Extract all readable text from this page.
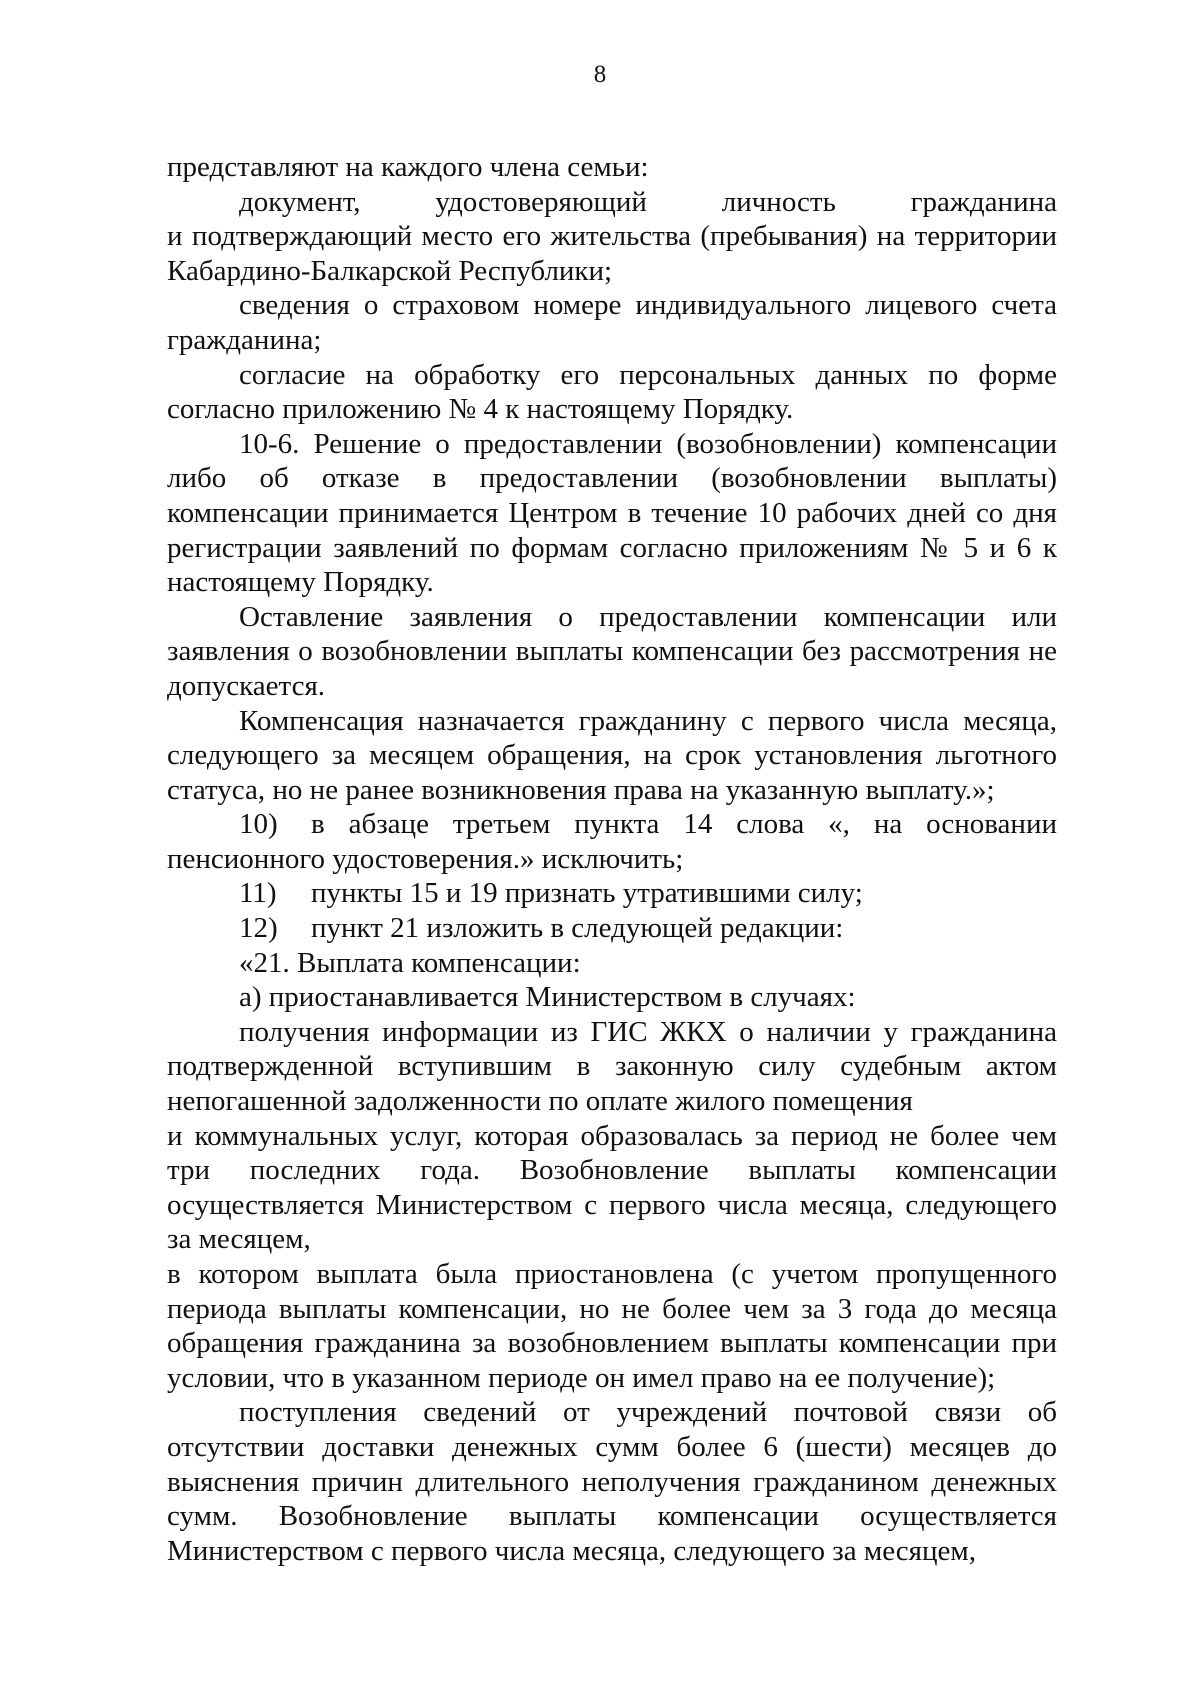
8

представляют на каждого члена семьи:

документ, удостоверяющий личность гражданина

и подтверждающий место его жительства (пребывания) на территории Кабардино-Балкарской Республики;

сведения о страховом номере индивидуального лицевого счета гражданина;

согласие на обработку его персональных данных по форме согласно приложению № 4 к настоящему Порядку.

10-6. Решение о предоставлении (возобновлении) компенсации либо об отказе в предоставлении (возобновлении выплаты) компенсации принимается Центром в течение 10 рабочих дней со дня регистрации заявлений по формам согласно приложениям № 5 и 6 к настоящему Порядку.

Оставление заявления о предоставлении компенсации или заявления о возобновлении выплаты компенсации без рассмотрения не допускается.

Компенсация назначается гражданину с первого числа месяца, следующего за месяцем обращения, на срок установления льготного статуса, но не ранее возникновения права на указанную выплату.»;

10) в абзаце третьем пункта 14 слова «, на основании пенсионного удостоверения.» исключить;

11) пункты 15 и 19 признать утратившими силу;

12) пункт 21 изложить в следующей редакции:

«21. Выплата компенсации:

а) приостанавливается Министерством в случаях:

получения информации из ГИС ЖКХ о наличии у гражданина подтвержденной вступившим в законную силу судебным актом непогашенной задолженности по оплате жилого помещения

и коммунальных услуг, которая образовалась за период не более чем три последних года. Возобновление выплаты компенсации осуществляется Министерством с первого числа месяца, следующего за месяцем,

в котором выплата была приостановлена (с учетом пропущенного периода выплаты компенсации, но не более чем за 3 года до месяца обращения гражданина за возобновлением выплаты компенсации при условии, что в указанном периоде он имел право на ее получение);

поступления сведений от учреждений почтовой связи об отсутствии доставки денежных сумм более 6 (шести) месяцев до выяснения причин длительного неполучения гражданином денежных сумм. Возобновление выплаты компенсации осуществляется Министерством с первого числа месяца, следующего за месяцем,
